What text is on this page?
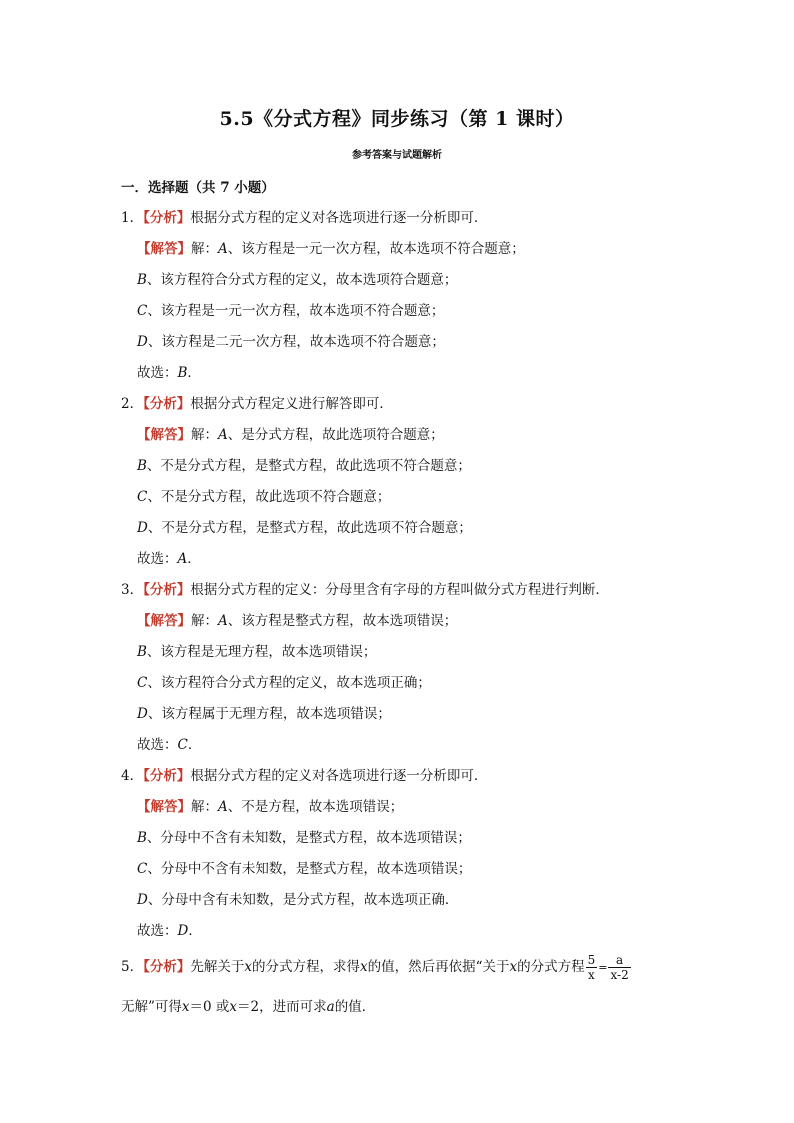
5.5《分式方程》同步练习（第 1 课时）
参考答案与试题解析
一．选择题（共 7 小题）
1．【分析】根据分式方程的定义对各选项进行逐一分析即可．
【解答】解：A、该方程是一元一次方程，故本选项不符合题意；
B、该方程符合分式方程的定义，故本选项符合题意；
C、该方程是一元一次方程，故本选项不符合题意；
D、该方程是二元一次方程，故本选项不符合题意；
故选：B．
2．【分析】根据分式方程定义进行解答即可．
【解答】解：A、是分式方程，故此选项符合题意；
B、不是分式方程，是整式方程，故此选项不符合题意；
C、不是分式方程，故此选项不符合题意；
D、不是分式方程，是整式方程，故此选项不符合题意；
故选：A．
3．【分析】根据分式方程的定义：分母里含有字母的方程叫做分式方程进行判断．
【解答】解：A、该方程是整式方程，故本选项错误；
B、该方程是无理方程，故本选项错误；
C、该方程符合分式方程的定义，故本选项正确；
D、该方程属于无理方程，故本选项错误；
故选：C．
4．【分析】根据分式方程的定义对各选项进行逐一分析即可．
【解答】解：A、不是方程，故本选项错误；
B、分母中不含有未知数，是整式方程，故本选项错误；
C、分母中不含有未知数，是整式方程，故本选项错误；
D、分母中含有未知数，是分式方程，故本选项正确．
故选：D．
5．【分析】先解关于x的分式方程，求得x的值，然后再依据“关于x的分式方程 $\frac{5}{x} = \frac{a}{x-2}$
无解”可得x＝0 或x＝2，进而可求a的值．
